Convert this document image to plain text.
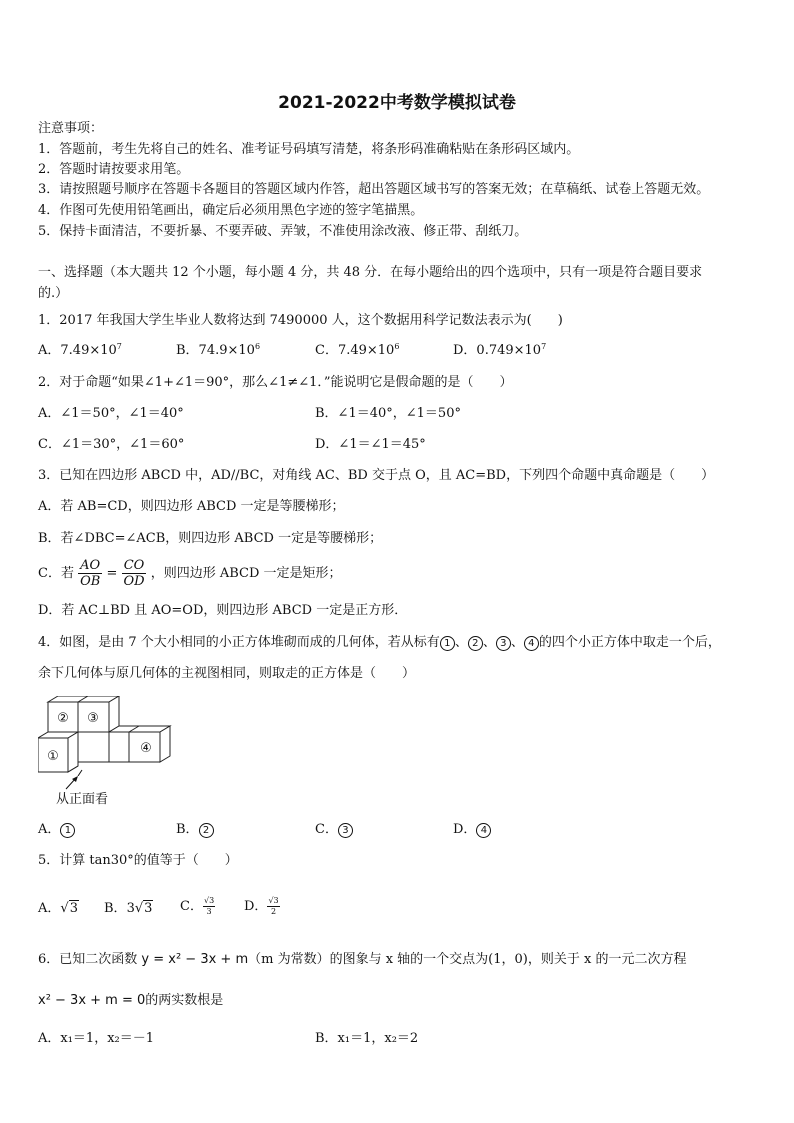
2021-2022中考数学模拟试卷
注意事项：
1．答题前，考生先将自己的姓名、准考证号码填写清楚，将条形码准确粘贴在条形码区域内。
2．答题时请按要求用笔。
3．请按照题号顺序在答题卡各题目的答题区域内作答，超出答题区域书写的答案无效；在草稿纸、试卷上答题无效。
4．作图可先使用铅笔画出，确定后必须用黑色字迹的签字笔描黑。
5．保持卡面清洁，不要折暴、不要弄破、弄皱，不准使用涂改液、修正带、刮纸刀。
一、选择题（本大题共 12 个小题，每小题 4 分，共 48 分．在每小题给出的四个选项中，只有一项是符合题目要求
的.）
1．2017 年我国大学生毕业人数将达到 7490000 人，这个数据用科学记数法表示为(　　)
A．$7.49\times 10^7$	B．$74.9\times 10^6$	C．$7.49\times 10^6$	D．$0.749\times 10^7$
2．对于命题“如果∠1+∠1＝90°，那么∠1≠∠1．”能说明它是假命题的是（　　）
A．∠1＝50°，∠1＝40°	B．∠1＝40°，∠1＝50°
C．∠1＝30°，∠1＝60°	D．∠1＝∠1＝45°
3．已知在四边形 ABCD 中，AD//BC，对角线 AC、BD 交于点 O，且 AC=BD，下列四个命题中真命题是（　　）
A．若 AB=CD，则四边形 ABCD 一定是等腰梯形；
B．若∠DBC=∠ACB，则四边形 ABCD 一定是等腰梯形；
C．若 $\frac{AO}{OB} = \frac{CO}{OD}$ ，则四边形 ABCD 一定是矩形；
D．若 AC⊥BD 且 AO=OD，则四边形 ABCD 一定是正方形．
4．如图，是由 7 个大小相同的小正方体堆砌而成的几何体，若从标有 1 、 2 、 3 、 4 的四个小正方体中取走一个后，
余下几何体与原几何体的主视图相同，则取走的正方体是（　　）
② ③
①
④
从正面看
A． 1	B． 2	C． 3	D． 4
5．计算 tan30°的值等于（　　）
A．√3 B．3√3 C． $\frac{√3}{3}$ D． $\frac{√3}{2}$
6．已知二次函数 y = x² − 3x + m（m 为常数）的图象与 x 轴的一个交点为(1，0)，则关于 x 的一元二次方程
x² − 3x + m = 0的两实数根是
A．x₁＝1，x₂＝－1	B．x₁＝1，x₂＝2
